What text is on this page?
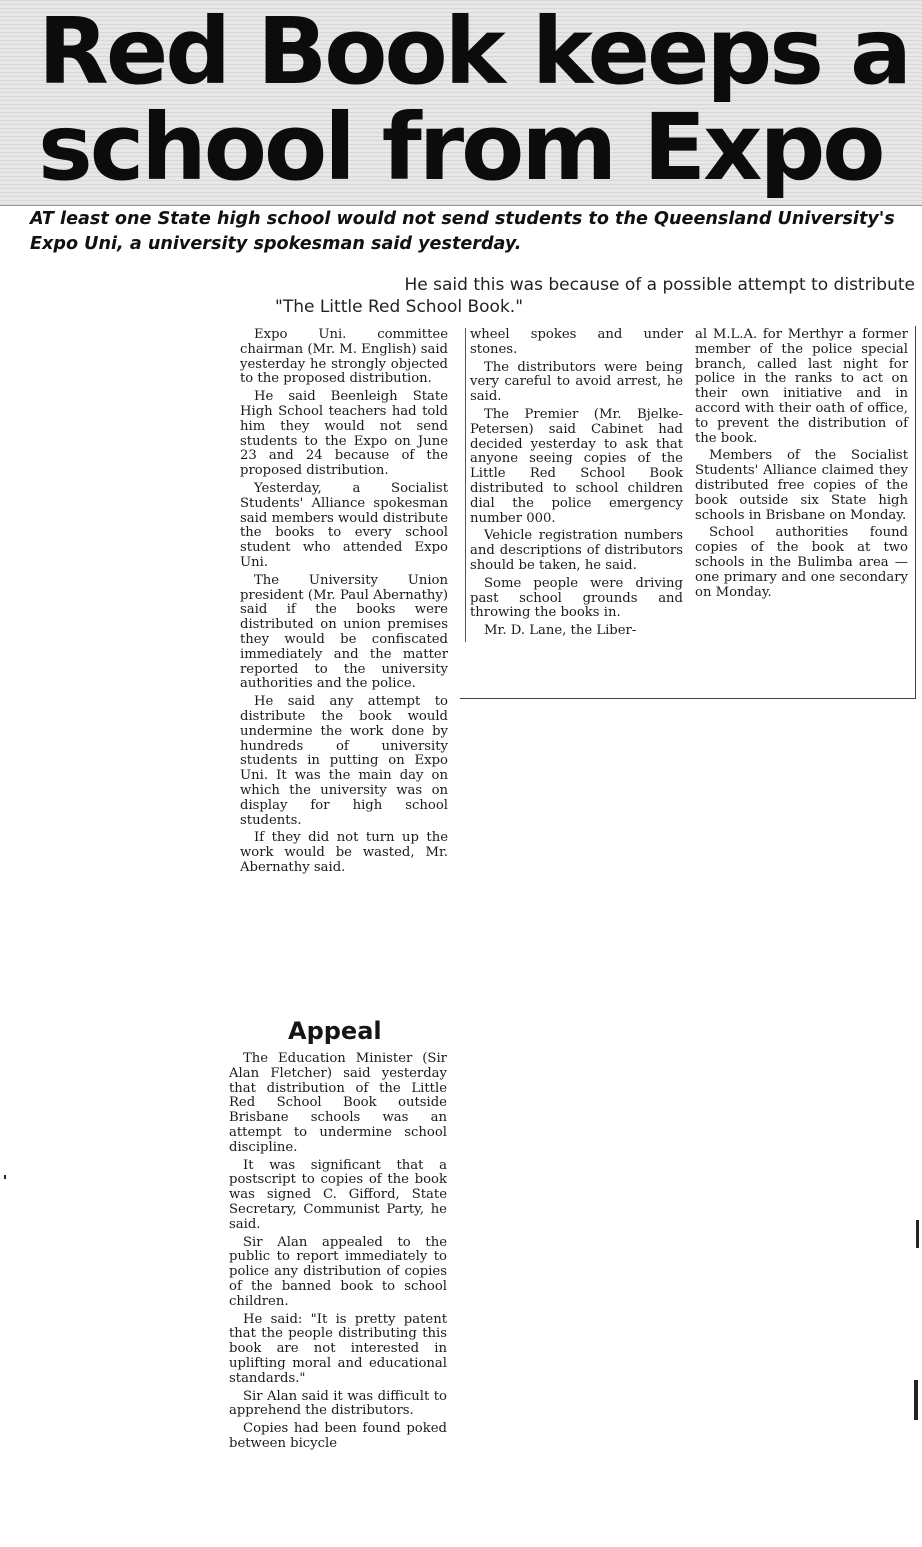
Red Book keeps a
school from Expo

AT least one State high school would not send students to the Queensland University's Expo Uni, a university spokesman said yesterday.

He said this was because of a possible attempt to distribute
"The Little Red School Book."

Expo Uni. committee chairman (Mr. M. English) said yesterday he strongly objected to the proposed distribution.

He said Beenleigh State High School teachers had told him they would not send students to the Expo on June 23 and 24 because of the proposed distribution.

Yesterday, a Socialist Students' Alliance spokesman said members would distribute the books to every school student who attended Expo Uni.

The University Union president (Mr. Paul Abernathy) said if the books were distributed on union premises they would be confiscated immediately and the matter reported to the university authorities and the police.

He said any attempt to distribute the book would undermine the work done by hundreds of university students in putting on Expo Uni. It was the main day on which the university was on display for high school students.

If they did not turn up the work would be wasted, Mr. Abernathy said.

Appeal

The Education Minister (Sir Alan Fletcher) said yesterday that distribution of the Little Red School Book outside Brisbane schools was an attempt to undermine school discipline.

It was significant that a postscript to copies of the book was signed C. Gifford, State Secretary, Communist Party, he said.

Sir Alan appealed to the public to report immediately to police any distribution of copies of the banned book to school children.

He said: "It is pretty patent that the people distributing this book are not interested in uplifting moral and educational standards."

Sir Alan said it was difficult to apprehend the distributors.

Copies had been found poked between bicycle

wheel spokes and under stones.

The distributors were being very careful to avoid arrest, he said.

The Premier (Mr. Bjelke-Petersen) said Cabinet had decided yesterday to ask that anyone seeing copies of the Little Red School Book distributed to school children dial the police emergency number 000.

Vehicle registration numbers and descriptions of distributors should be taken, he said.

Some people were driving past school grounds and throwing the books in.

Mr. D. Lane, the Liber-

al M.L.A. for Merthyr a former member of the police special branch, called last night for police in the ranks to act on their own initiative and in accord with their oath of office, to prevent the distribution of the book.

Members of the Socialist Students' Alliance claimed they distributed free copies of the book outside six State high schools in Brisbane on Monday.

School authorities found copies of the book at two schools in the Bulimba area — one primary and one secondary on Monday.
